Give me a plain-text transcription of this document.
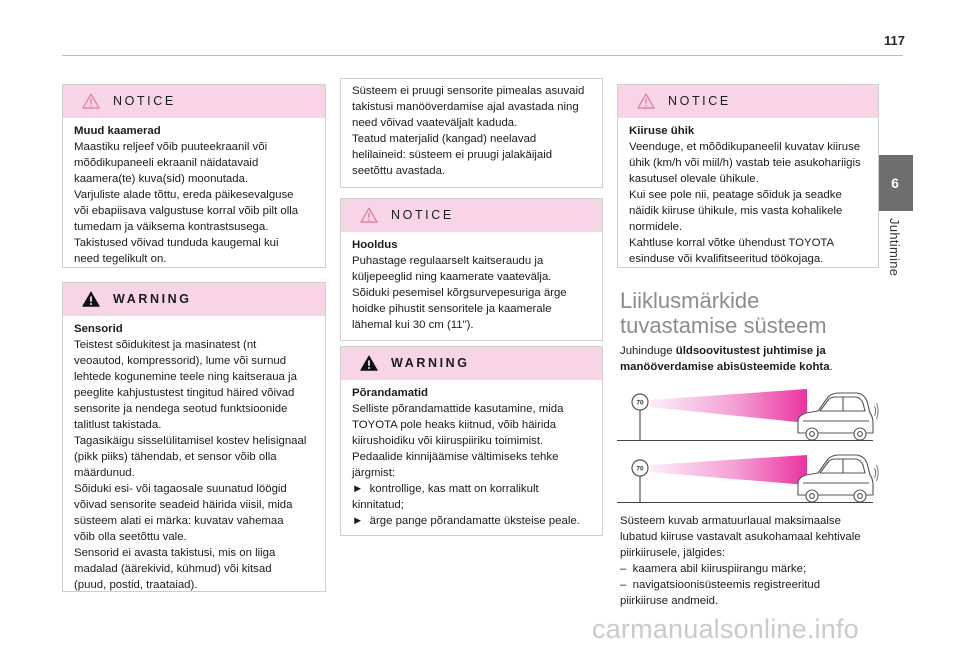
117
6
Juhtimine
NOTICE
Muud kaamerad
Maastiku reljeef võib puuteekraanil või
mõõdikupaneeli ekraanil näidatavaid
kaamera(te) kuva(sid) moonutada.
Varjuliste alade tõttu, ereda päikesevalguse
või ebapiisava valgustuse korral võib pilt olla
tumedam ja väiksema kontrastsusega.
Takistused võivad tunduda kaugemal kui
need tegelikult on.
WARNING
Sensorid
Teistest sõidukitest ja masinatest (nt
veoautod, kompressorid), lume või surnud
lehtede kogunemine teele ning kaitseraua ja
peeglite kahjustustest tingitud häired võivad
sensorite ja nendega seotud funktsioonide
talitlust takistada.
Tagasikäigu sisselülitamisel kostev helisignaal
(pikk piiks) tähendab, et sensor võib olla
määrdunud.
Sõiduki esi- või tagaosale suunatud löögid
võivad sensorite seadeid häirida viisil, mida
süsteem alati ei märka: kuvatav vahemaa
võib olla seetõttu vale.
Sensorid ei avasta takistusi, mis on liiga
madalad (äärekivid, kühmud) või kitsad
(puud, postid, traataiad).
Süsteem ei pruugi sensorite pimealas asuvaid
takistusi manööverdamise ajal avastada ning
need võivad vaateväljalt kaduda.
Teatud materjalid (kangad) neelavad
helilaineid: süsteem ei pruugi jalakäijaid
seetõttu avastada.
NOTICE
Hooldus
Puhastage regulaarselt kaitseraudu ja
küljepeeglid ning kaamerate vaatevälja.
Sõiduki pesemisel kõrgsurvepesuriga ärge
hoidke pihustit sensoritele ja kaamerale
lähemal kui 30 cm (11").
WARNING
Põrandamatid
Selliste põrandamattide kasutamine, mida
TOYOTA pole heaks kiitnud, võib häirida
kiirushoidiku või kiiruspiiriku toimimist.
Pedaalide kinnijäämise vältimiseks tehke
järgmist:
►  kontrollige, kas matt on korralikult
kinnitatud;
►  ärge pange põrandamatte üksteise peale.
NOTICE
Kiiruse ühik
Veenduge, et mõõdikupaneelil kuvatav kiiruse
ühik (km/h või miil/h) vastab teie asukohariigis
kasutusel olevale ühikule.
Kui see pole nii, peatage sõiduk ja seadke
näidik kiiruse ühikule, mis vasta kohalikele
normidele.
Kahtluse korral võtke ühendust TOYOTA
esinduse või kvalifitseeritud töökojaga.
Liiklusmärkide
tuvastamise süsteem
Juhinduge üldsoovitustest juhtimise ja
manööverdamise abisüsteemide kohta.
70
70
Süsteem kuvab armatuurlaual maksimaalse
lubatud kiiruse vastavalt asukohamaal kehtivale
piirkiirusele, jälgides:
–  kaamera abil kiiruspiirangu märke;
–  navigatsioonisüsteemis registreeritud
piirkiiruse andmeid.
carmanualsonline.info
